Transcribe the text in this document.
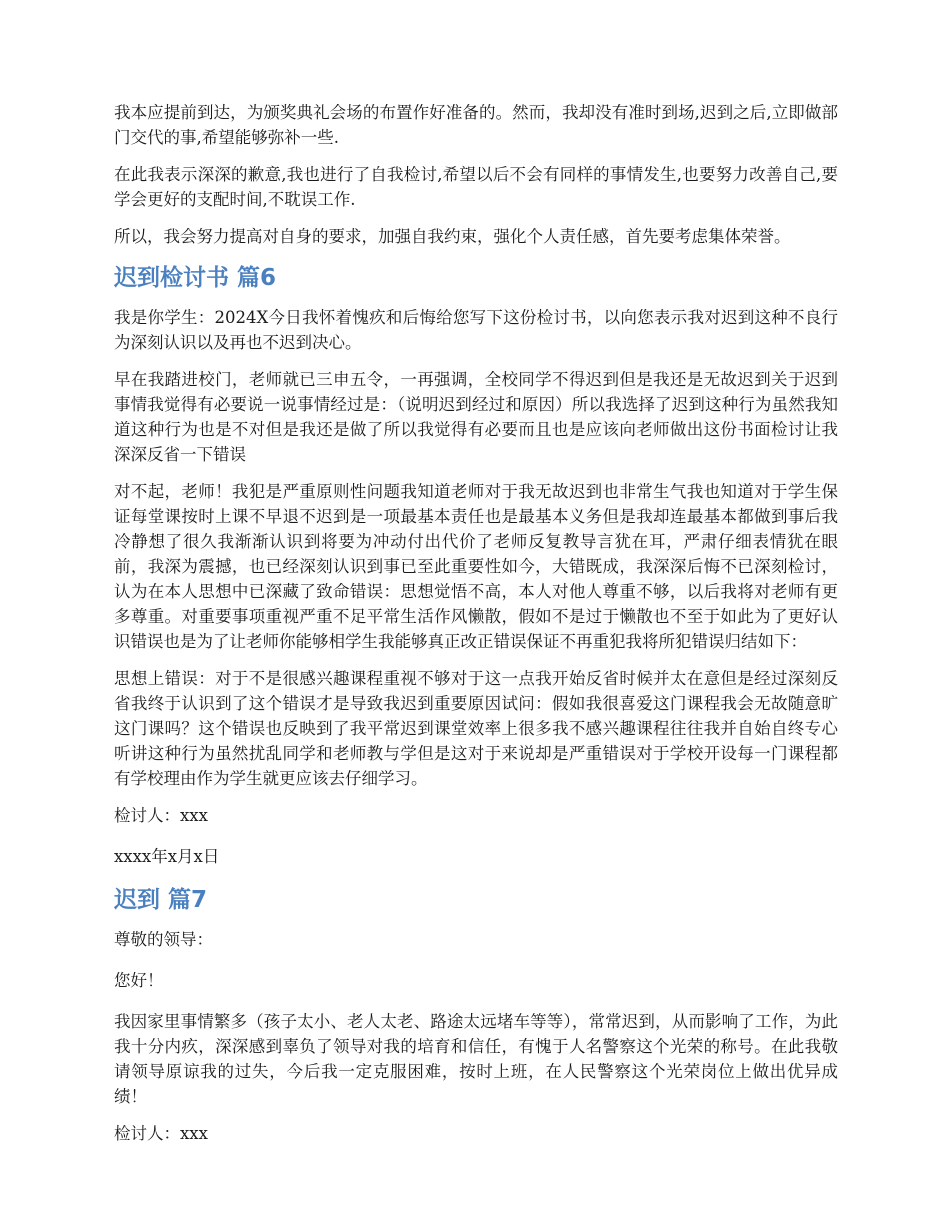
我本应提前到达，为颁奖典礼会场的布置作好准备的。然而，我却没有准时到场,迟到之后,立即做部门交代的事,希望能够弥补一些.

在此我表示深深的歉意,我也进行了自我检讨,希望以后不会有同样的事情发生,也要努力改善自己,要学会更好的支配时间,不耽误工作.

所以，我会努力提高对自身的要求，加强自我约束，强化个人责任感，首先要考虑集体荣誉。

迟到检讨书 篇6

我是你学生：2024X今日我怀着愧疚和后悔给您写下这份检讨书，以向您表示我对迟到这种不良行为深刻认识以及再也不迟到决心。

早在我踏进校门，老师就已三申五令，一再强调，全校同学不得迟到但是我还是无故迟到关于迟到事情我觉得有必要说一说事情经过是：（说明迟到经过和原因）所以我选择了迟到这种行为虽然我知道这种行为也是不对但是我还是做了所以我觉得有必要而且也是应该向老师做出这份书面检讨让我深深反省一下错误

对不起，老师！我犯是严重原则性问题我知道老师对于我无故迟到也非常生气我也知道对于学生保证每堂课按时上课不早退不迟到是一项最基本责任也是最基本义务但是我却连最基本都做到事后我冷静想了很久我渐渐认识到将要为冲动付出代价了老师反复教导言犹在耳，严肃仔细表情犹在眼前，我深为震撼，也已经深刻认识到事已至此重要性如今，大错既成，我深深后悔不已深刻检讨，认为在本人思想中已深藏了致命错误：思想觉悟不高，本人对他人尊重不够，以后我将对老师有更多尊重。对重要事项重视严重不足平常生活作风懒散，假如不是过于懒散也不至于如此为了更好认识错误也是为了让老师你能够相学生我能够真正改正错误保证不再重犯我将所犯错误归结如下：

思想上错误：对于不是很感兴趣课程重视不够对于这一点我开始反省时候并太在意但是经过深刻反省我终于认识到了这个错误才是导致我迟到重要原因试问：假如我很喜爱这门课程我会无故随意旷这门课吗？这个错误也反映到了我平常迟到课堂效率上很多我不感兴趣课程往往我并自始自终专心听讲这种行为虽然扰乱同学和老师教与学但是这对于来说却是严重错误对于学校开设每一门课程都有学校理由作为学生就更应该去仔细学习。

检讨人：xxx

xxxx年x月x日

迟到 篇7

尊敬的领导：

您好！

我因家里事情繁多（孩子太小、老人太老、路途太远堵车等等），常常迟到，从而影响了工作，为此我十分内疚，深深感到辜负了领导对我的培育和信任，有愧于人名警察这个光荣的称号。在此我敬请领导原谅我的过失，今后我一定克服困难，按时上班，在人民警察这个光荣岗位上做出优异成绩！

检讨人：xxx
